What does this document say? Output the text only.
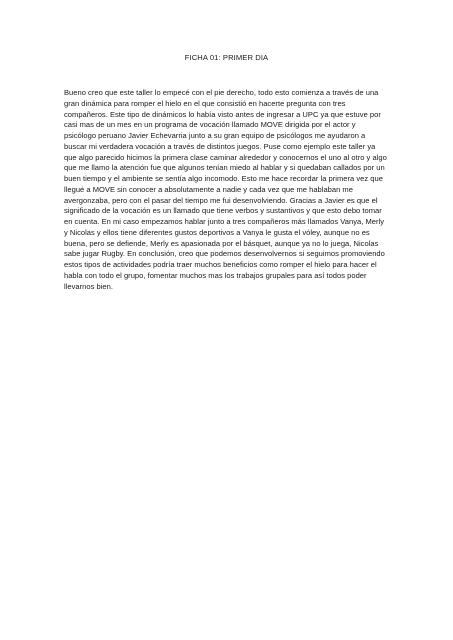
FICHA 01: PRIMER DIA

Bueno creo que este taller lo empecé con el pie derecho, todo esto comienza a través de una gran dinámica para romper el hielo en el que consistió en hacerte pregunta con tres compañeros. Este tipo de dinámicos lo había visto antes de ingresar a UPC ya que estuve por casi mas de un mes en un programa de vocación llamado MOVE dirigida por el actor y psicólogo peruano Javier Echevarria junto a su gran equipo de psicólogos me ayudaron a buscar mi verdadera vocación a través de distintos juegos. Puse como ejemplo este taller ya que algo parecido hicimos la primera clase caminar alrededor y conocernos el uno al otro y algo que me llamo la atención fue que algunos tenían miedo al hablar y si quedaban callados por un buen tiempo y el ambiente se sentía algo incomodo. Esto me hace recordar la primera vez que llegué a MOVE sin conocer a absolutamente a nadie y cada vez que me hablaban me avergonzaba, pero con el pasar del tiempo me fui desenvolviendo. Gracias a Javier es que el significado de la vocación es un llamado que tiene verbos y sustantivos y que esto debo tomar en cuenta. En mi caso empezamos hablar junto a tres compañeros más llamados Vanya, Merly y Nicolas y ellos tiene diferentes gustos deportivos a Vanya le gusta el vóley, aunque no es buena, pero se defiende, Merly es apasionada por el básquet, aunque ya no lo juega, Nicolas sabe jugar Rugby. En conclusión, creo que podemos desenvolvernos si seguimos promoviendo estos tipos de actividades podría traer muchos beneficios como romper el hielo para hacer el habla con todo el grupo, fomentar muchos mas los trabajos grupales para así todos poder llevarnos bien.
